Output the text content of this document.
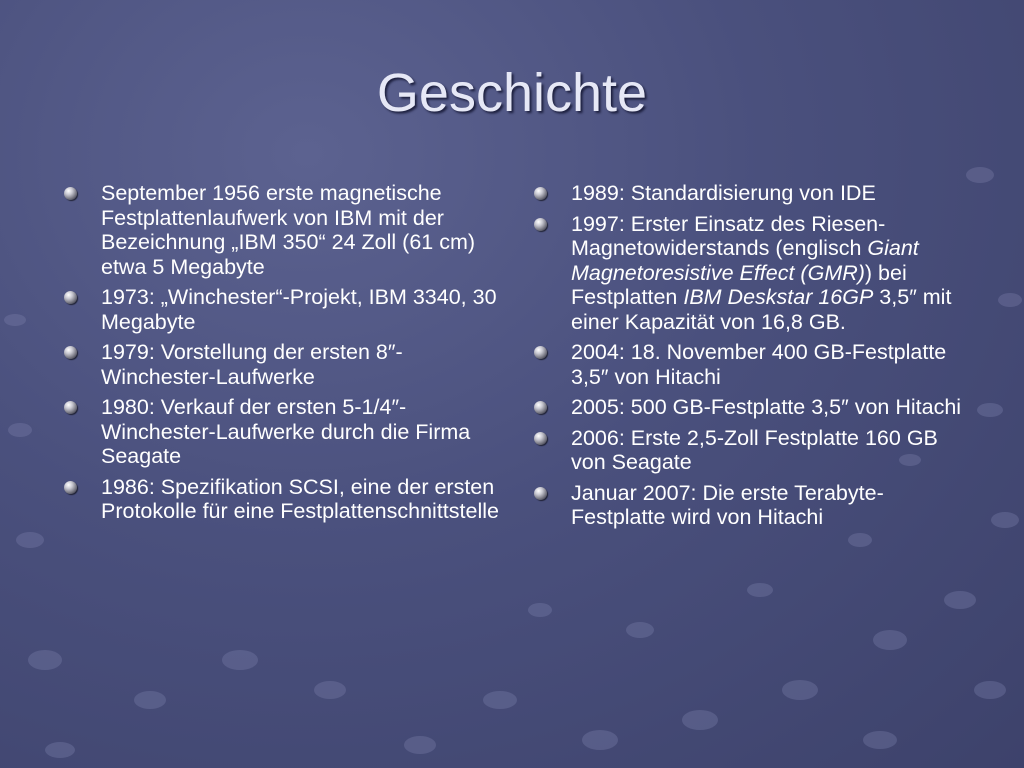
Geschichte
September 1956 erste magnetische Festplattenlaufwerk von IBM mit der Bezeichnung „IBM 350“ 24 Zoll (61 cm) etwa 5 Megabyte
1973: „Winchester“-Projekt, IBM 3340, 30 Megabyte
1979: Vorstellung der ersten 8″-Winchester-Laufwerke
1980: Verkauf der ersten 5-1/4″-Winchester-Laufwerke durch die Firma Seagate
1986: Spezifikation SCSI, eine der ersten Protokolle für eine Festplattenschnittstelle
1989: Standardisierung von IDE
1997: Erster Einsatz des Riesen-Magnetowiderstands (englisch Giant Magnetoresistive Effect (GMR)) bei Festplatten IBM Deskstar 16GP 3,5″ mit einer Kapazität von 16,8 GB.
2004: 18. November 400 GB-Festplatte 3,5″ von Hitachi
2005: 500 GB-Festplatte 3,5″ von Hitachi
2006: Erste 2,5-Zoll Festplatte 160 GB von Seagate
Januar 2007: Die erste Terabyte-Festplatte wird von Hitachi
